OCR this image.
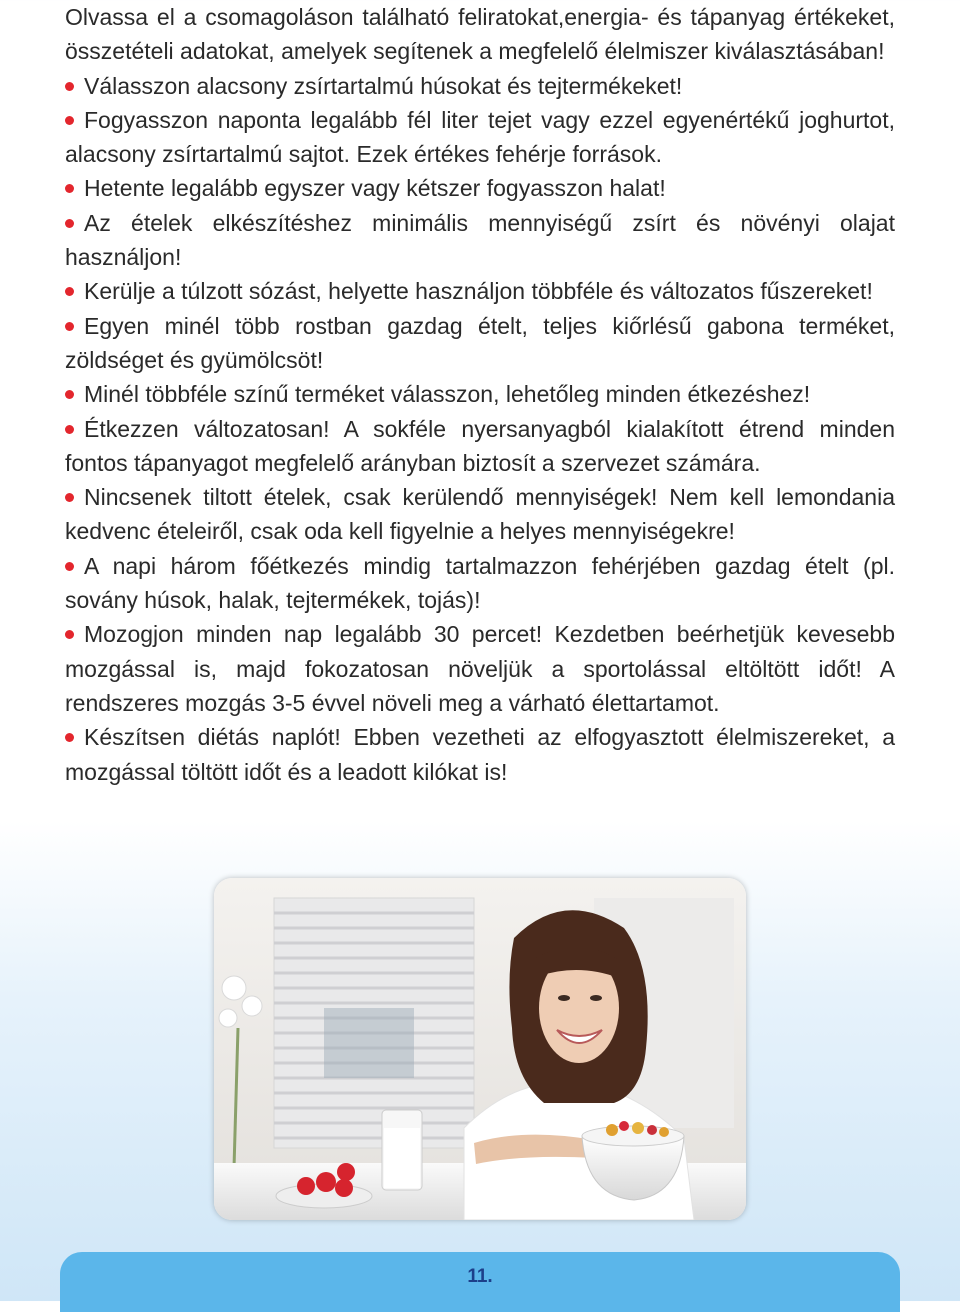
Olvassa el a csomagoláson található feliratokat,energia- és tápanyag értékeket, összetételi adatokat, amelyek segítenek a megfelelő élelmiszer kiválasztásában!

Válasszon alacsony zsírtartalmú húsokat és tejtermékeket!

Fogyasszon naponta legalább fél liter tejet vagy ezzel egyenértékű joghurtot, alacsony zsírtartalmú sajtot. Ezek értékes fehérje források.

Hetente legalább egyszer vagy kétszer fogyasszon halat!

Az ételek elkészítéshez minimális mennyiségű zsírt és növényi olajat használjon!

Kerülje a túlzott sózást, helyette használjon többféle és változatos fűszereket!

Egyen minél több rostban gazdag ételt, teljes kiőrlésű gabona terméket, zöldséget és gyümölcsöt!

Minél többféle színű terméket válasszon, lehetőleg minden étkezéshez!

Étkezzen változatosan! A sokféle nyersanyagból kialakított étrend minden fontos tápanyagot megfelelő arányban biztosít a szervezet számára.

Nincsenek tiltott ételek, csak kerülendő mennyiségek! Nem kell lemondania kedvenc ételeiről, csak oda kell figyelnie a helyes mennyiségekre!

A napi három főétkezés mindig tartalmazzon fehérjében gazdag ételt (pl. sovány húsok, halak, tejtermékek, tojás)!

Mozogjon minden nap legalább 30 percet! Kezdetben beérhetjük kevesebb mozgással is, majd fokozatosan növeljük a sportolással eltöltött időt! A rendszeres mozgás 3-5 évvel növeli meg a várható élettartamot.

Készítsen diétás naplót! Ebben vezetheti az elfogyasztott élelmiszereket, a mozgással töltött időt és a leadott kilókat is!

11.
